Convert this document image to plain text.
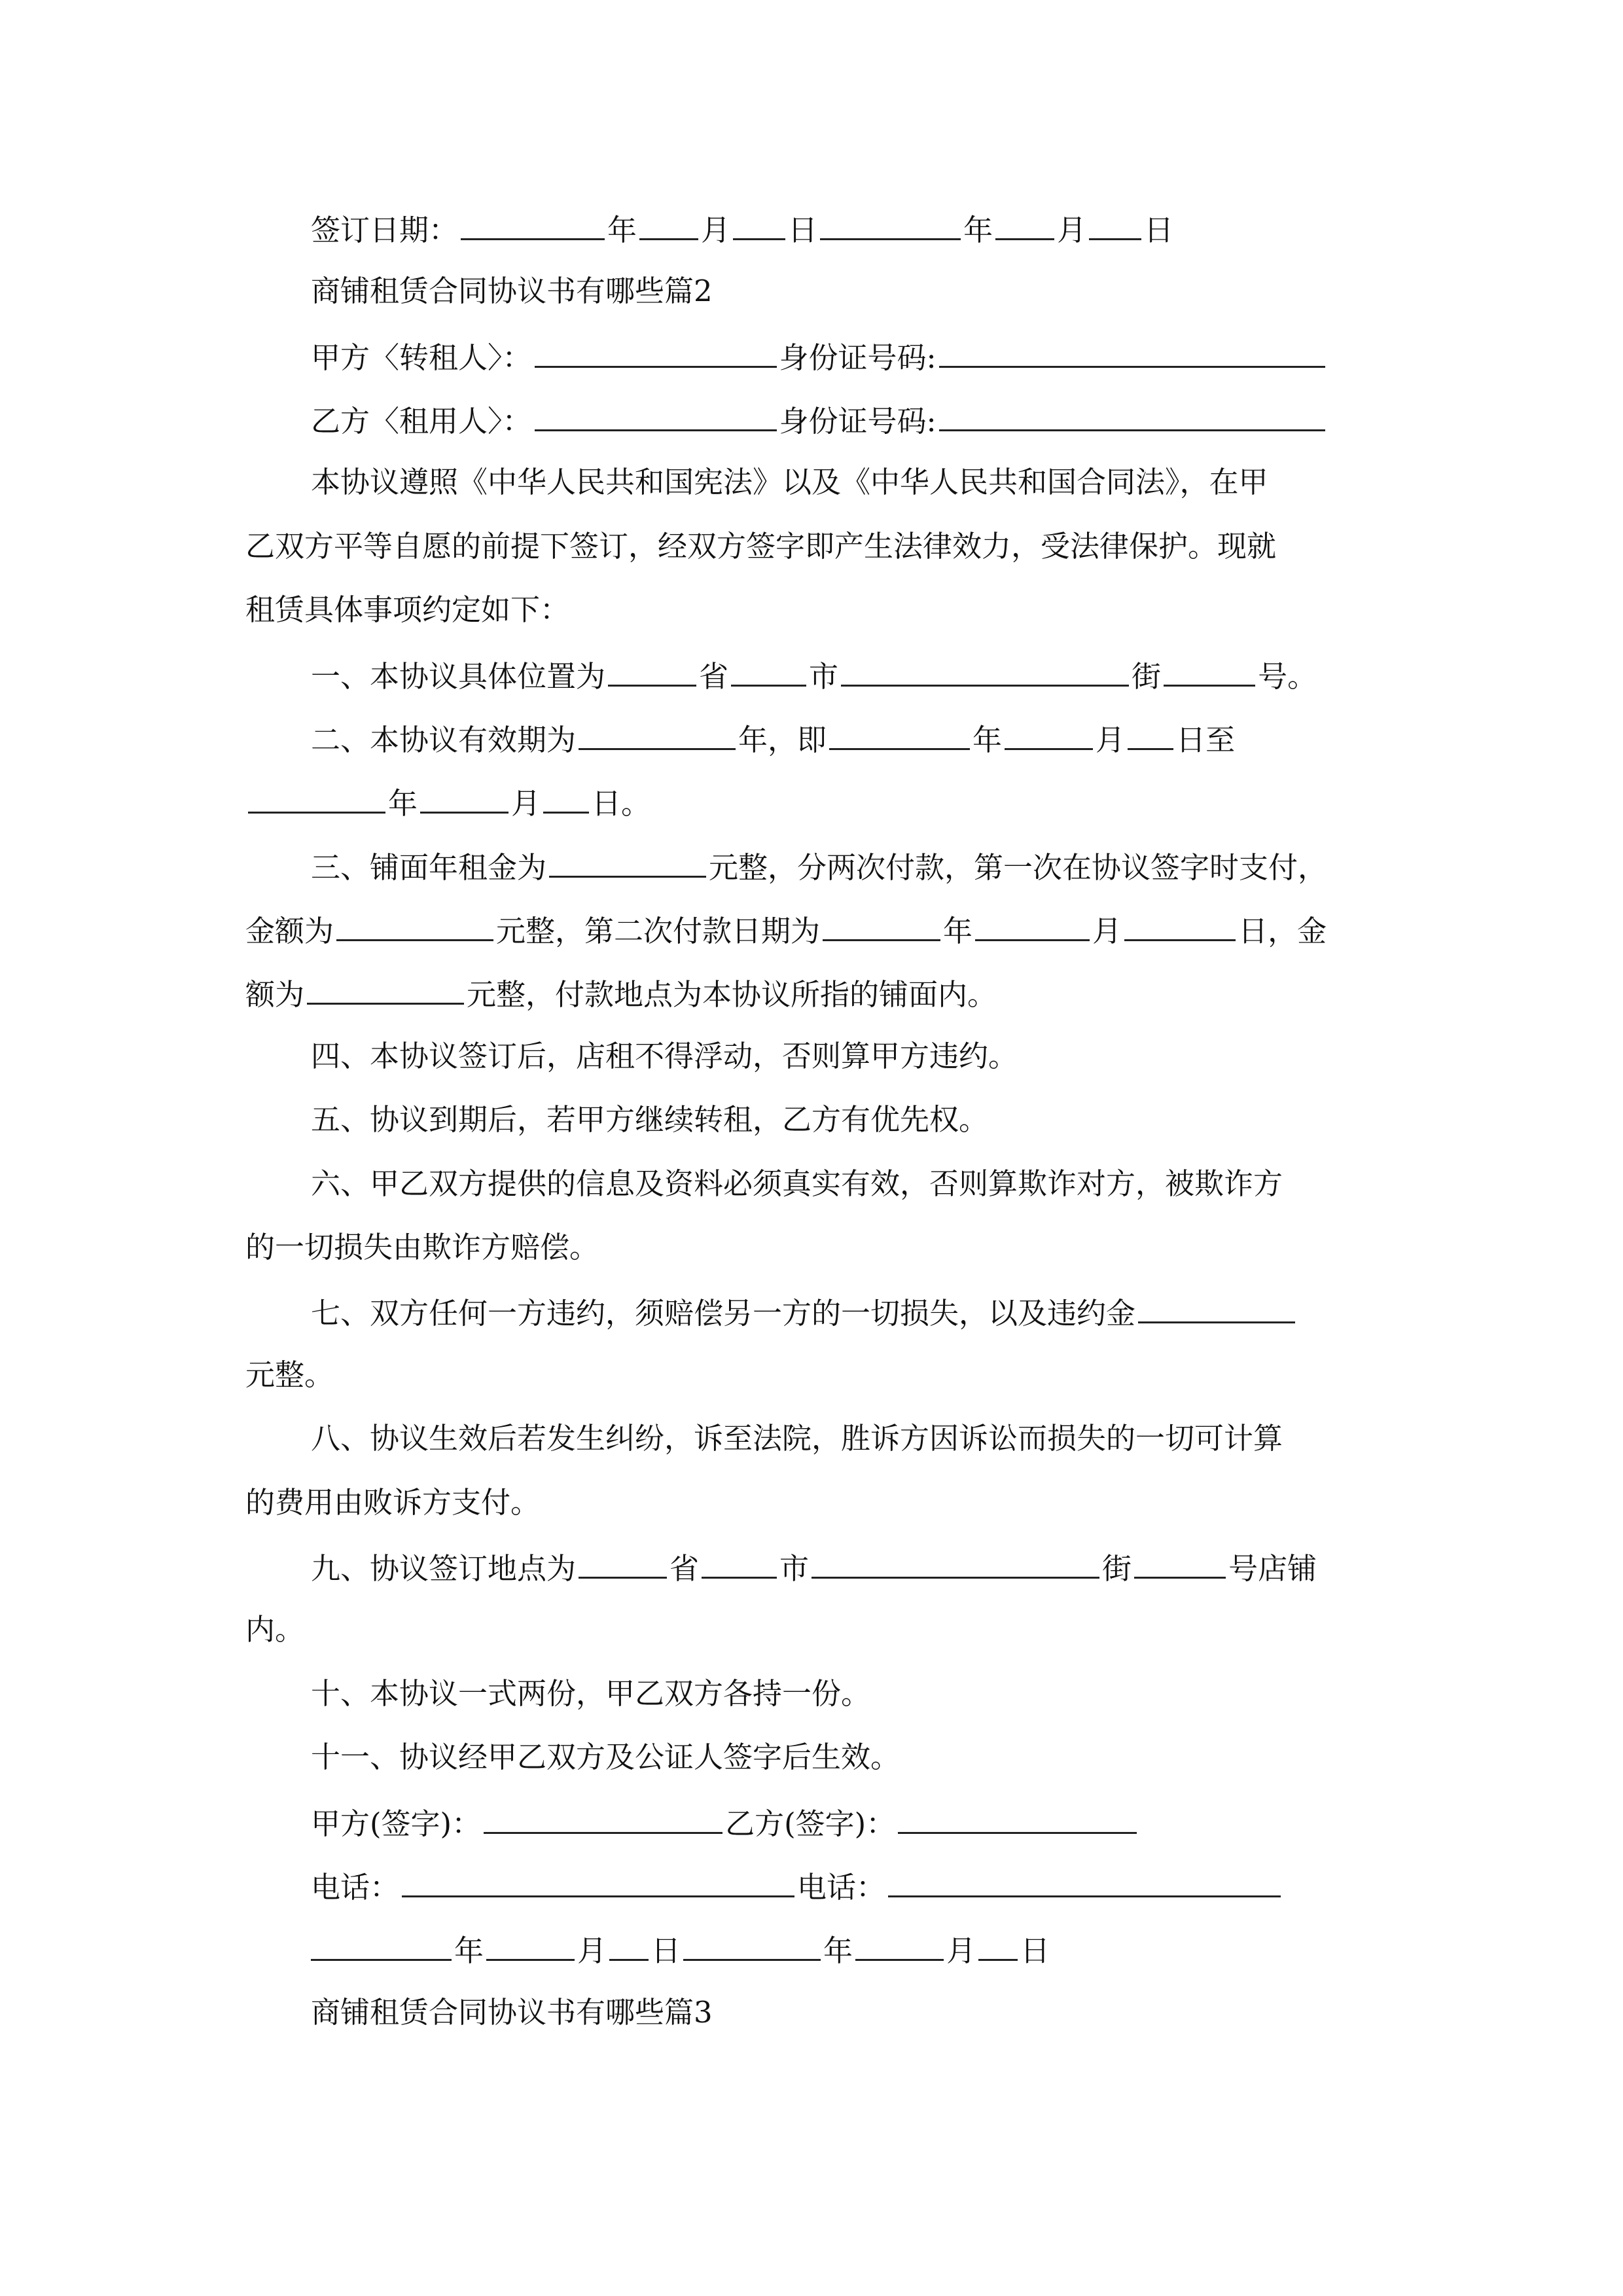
签订日期：	年 月 日	年 月 日
商铺租赁合同协议书有哪些篇2
甲方〈转租人〉：	身份证号码:
乙方〈租用人〉：	身份证号码:
本协议遵照《中华人民共和国宪法》以及《中华人民共和国合同法》，在甲
乙双方平等自愿的前提下签订，经双方签字即产生法律效力，受法律保护。现就
租赁具体事项约定如下：
一、本协议具体位置为	省	市	街	号。
二、本协议有效期为	年，即	年	月 日至
年	月 日。
三、铺面年租金为	元整，分两次付款，第一次在协议签字时支付，
金额为	元整，第二次付款日期为	年	月	日，金
额为	元整，付款地点为本协议所指的铺面内。
四、本协议签订后，店租不得浮动，否则算甲方违约。
五、协议到期后，若甲方继续转租，乙方有优先权。
六、甲乙双方提供的信息及资料必须真实有效，否则算欺诈对方，被欺诈方
的一切损失由欺诈方赔偿。
七、双方任何一方违约，须赔偿另一方的一切损失，以及违约金
元整。
八、协议生效后若发生纠纷，诉至法院，胜诉方因诉讼而损失的一切可计算
的费用由败诉方支付。
九、协议签订地点为	省	市	街	号店铺
内。
十、本协议一式两份，甲乙双方各持一份。
十一、协议经甲乙双方及公证人签字后生效。
甲方(签字)：	乙方(签字)：
电话：	电话：
年	月 日	年	月 日
商铺租赁合同协议书有哪些篇3
